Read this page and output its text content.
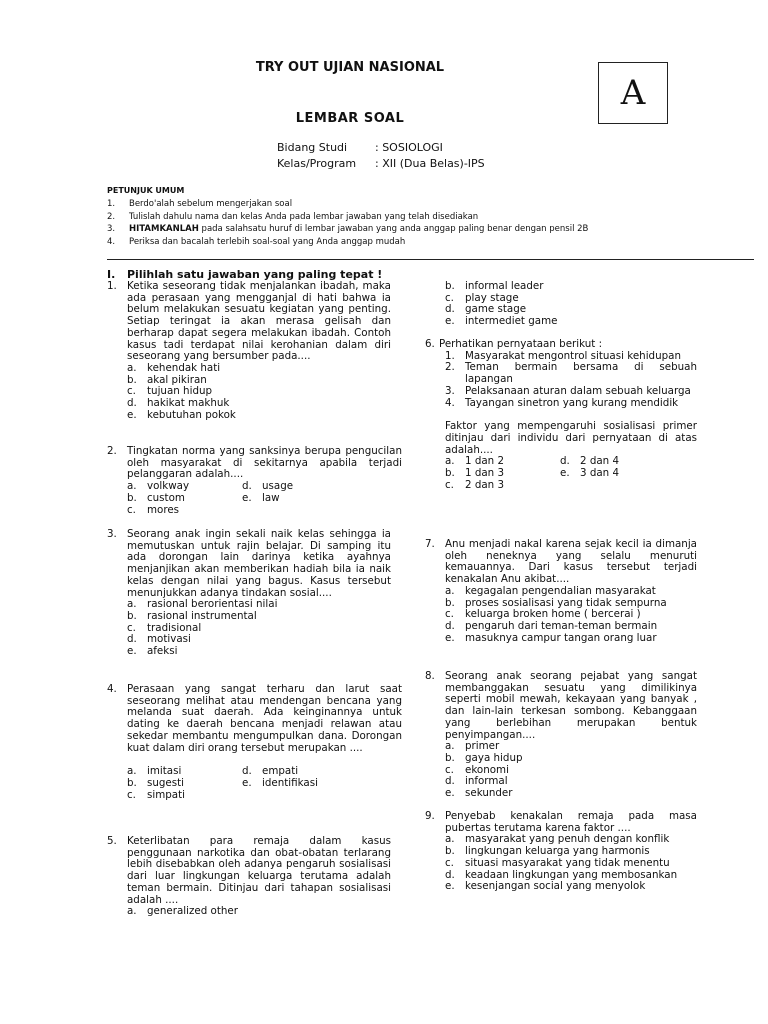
TRY OUT UJIAN NASIONAL
LEMBAR SOAL
A
Bidang Studi	: SOSIOLOGI
Kelas/Program : XII (Dua Belas)-IPS
PETUNJUK UMUM
1. Berdo'alah sebelum mengerjakan soal
2. Tulislah dahulu nama dan kelas Anda pada lembar jawaban yang telah disediakan
3. HITAMKANLAH pada salahsatu huruf di lembar jawaban yang anda anggap paling benar dengan pensil 2B
4. Periksa dan bacalah terlebih soal-soal yang Anda anggap mudah
I. Pilihlah satu jawaban yang paling tepat !
1. Ketika seseorang tidak menjalankan ibadah, maka ada perasaan yang mengganjal di hati bahwa ia belum melakukan sesuatu kegiatan yang penting. Setiap teringat ia akan merasa gelisah dan berharap dapat segera melakukan ibadah. Contoh kasus tadi terdapat nilai kerohanian dalam diri seseorang yang bersumber pada....
a.	kehendak hati
b. akal pikiran
c.	tujuan hidup
d. hakikat makhuk
e.	kebutuhan pokok
2. Tingkatan norma yang sanksinya berupa pengucilan oleh masyarakat di sekitarnya apabila terjadi pelanggaran adalah....
a.	volkway	d. usage
b. custom	e.	law
c.	mores
3. Seorang anak ingin sekali naik kelas sehingga ia memutuskan untuk rajin belajar. Di samping itu ada dorongan lain darinya ketika ayahnya menjanjikan akan memberikan hadiah bila ia naik kelas dengan nilai yang bagus. Kasus tersebut menunjukkan adanya tindakan sosial....
a.	rasional berorientasi nilai
b. rasional instrumental
c.	tradisional
d. motivasi
e.	afeksi
4. Perasaan yang sangat terharu dan larut saat seseorang melihat atau mendengan bencana yang melanda suat daerah. Ada keinginannya untuk dating ke daerah bencana menjadi relawan atau sekedar membantu mengumpulkan dana. Dorongan kuat dalam diri orang tersebut merupakan ....
a.	imitasi	d. empati
b. sugesti	e.	identifikasi
c.	simpati
5. Keterlibatan para remaja dalam kasus penggunaan narkotika dan obat-obatan terlarang lebih disebabkan oleh adanya pengaruh sosialisasi dari luar lingkungan keluarga terutama adalah teman bermain. Ditinjau dari tahapan sosialisasi adalah ....
a.	generalized other
b. informal leader
c.	play stage
d. game stage
e.	intermediet game
6. Perhatikan pernyataan berikut :
1. Masyarakat mengontrol situasi kehidupan
2. Teman bermain bersama di sebuah lapangan
3. Pelaksanaan aturan dalam sebuah keluarga
4. Tayangan sinetron yang kurang mendidik
Faktor yang mempengaruhi sosialisasi primer ditinjau dari individu dari pernyataan di atas adalah....
a.	1 dan 2	d. 2 dan 4
b. 1 dan 3	e.	3 dan 4
c.	2 dan 3
7. Anu menjadi nakal karena sejak kecil ia dimanja oleh neneknya yang selalu menuruti kemauannya. Dari kasus tersebut terjadi kenakalan Anu akibat....
a.	kegagalan pengendalian masyarakat
b. proses sosialisasi yang tidak sempurna
c.	keluarga broken home ( bercerai )
d. pengaruh dari teman-teman bermain
e.	masuknya campur tangan orang luar
8. Seorang anak seorang pejabat yang sangat membanggakan sesuatu yang dimilikinya seperti mobil mewah, kekayaan yang banyak , dan lain-lain terkesan sombong. Kebanggaan yang berlebihan merupakan bentuk penyimpangan....
a.	primer
b. gaya hidup
c.	ekonomi
d. informal
e.	sekunder
9. Penyebab kenakalan remaja pada masa pubertas terutama karena faktor ....
a.	masyarakat yang penuh dengan konflik
b. lingkungan keluarga yang harmonis
c.	situasi masyarakat yang tidak menentu
d. keadaan lingkungan yang membosankan
e.	kesenjangan social yang menyolok
